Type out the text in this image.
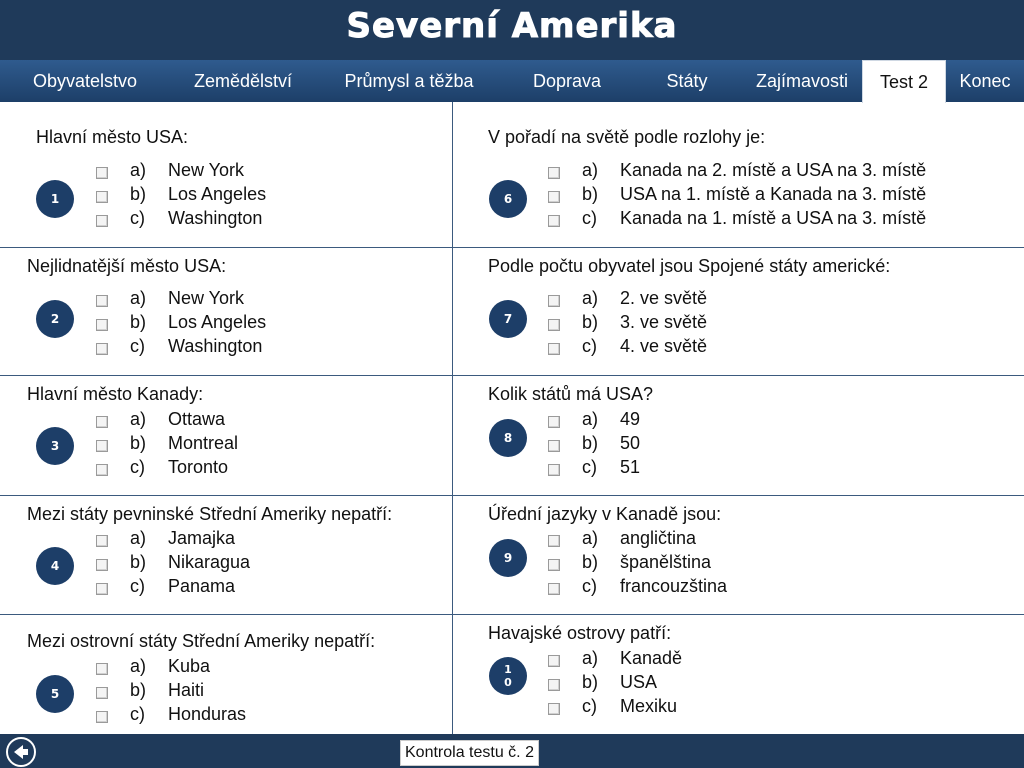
Severní Amerika
Obyvatelstvo	Zemědělství	Průmysl a těžba	Doprava	Státy	Zajímavosti	Test 2	Konec
Hlavní město USA:
1
a) New York
b) Los Angeles
c) Washington
Nejlidnatější město USA:
2
a) New York
b) Los Angeles
c) Washington
Hlavní město Kanady:
3
a) Ottawa
b) Montreal
c) Toronto
Mezi státy pevninské Střední Ameriky nepatří:
4
a) Jamajka
b) Nikaragua
c) Panama
Mezi ostrovní státy Střední Ameriky nepatří:
5
a) Kuba
b) Haiti
c) Honduras
V pořadí na světě podle rozlohy je:
6
a) Kanada na 2. místě a USA na 3. místě
b) USA na 1. místě a Kanada na 3. místě
c) Kanada na 1. místě a USA na 3. místě
Podle počtu obyvatel jsou Spojené státy americké:
7
a) 2. ve světě
b) 3. ve světě
c) 4. ve světě
Kolik států má USA?
8
a) 49
b) 50
c) 51
Úřední jazyky v Kanadě jsou:
9
a) angličtina
b) španělština
c) francouzština
Havajské ostrovy patří:
1
0
a) Kanadě
b) USA
c) Mexiku
Kontrola testu č. 2
